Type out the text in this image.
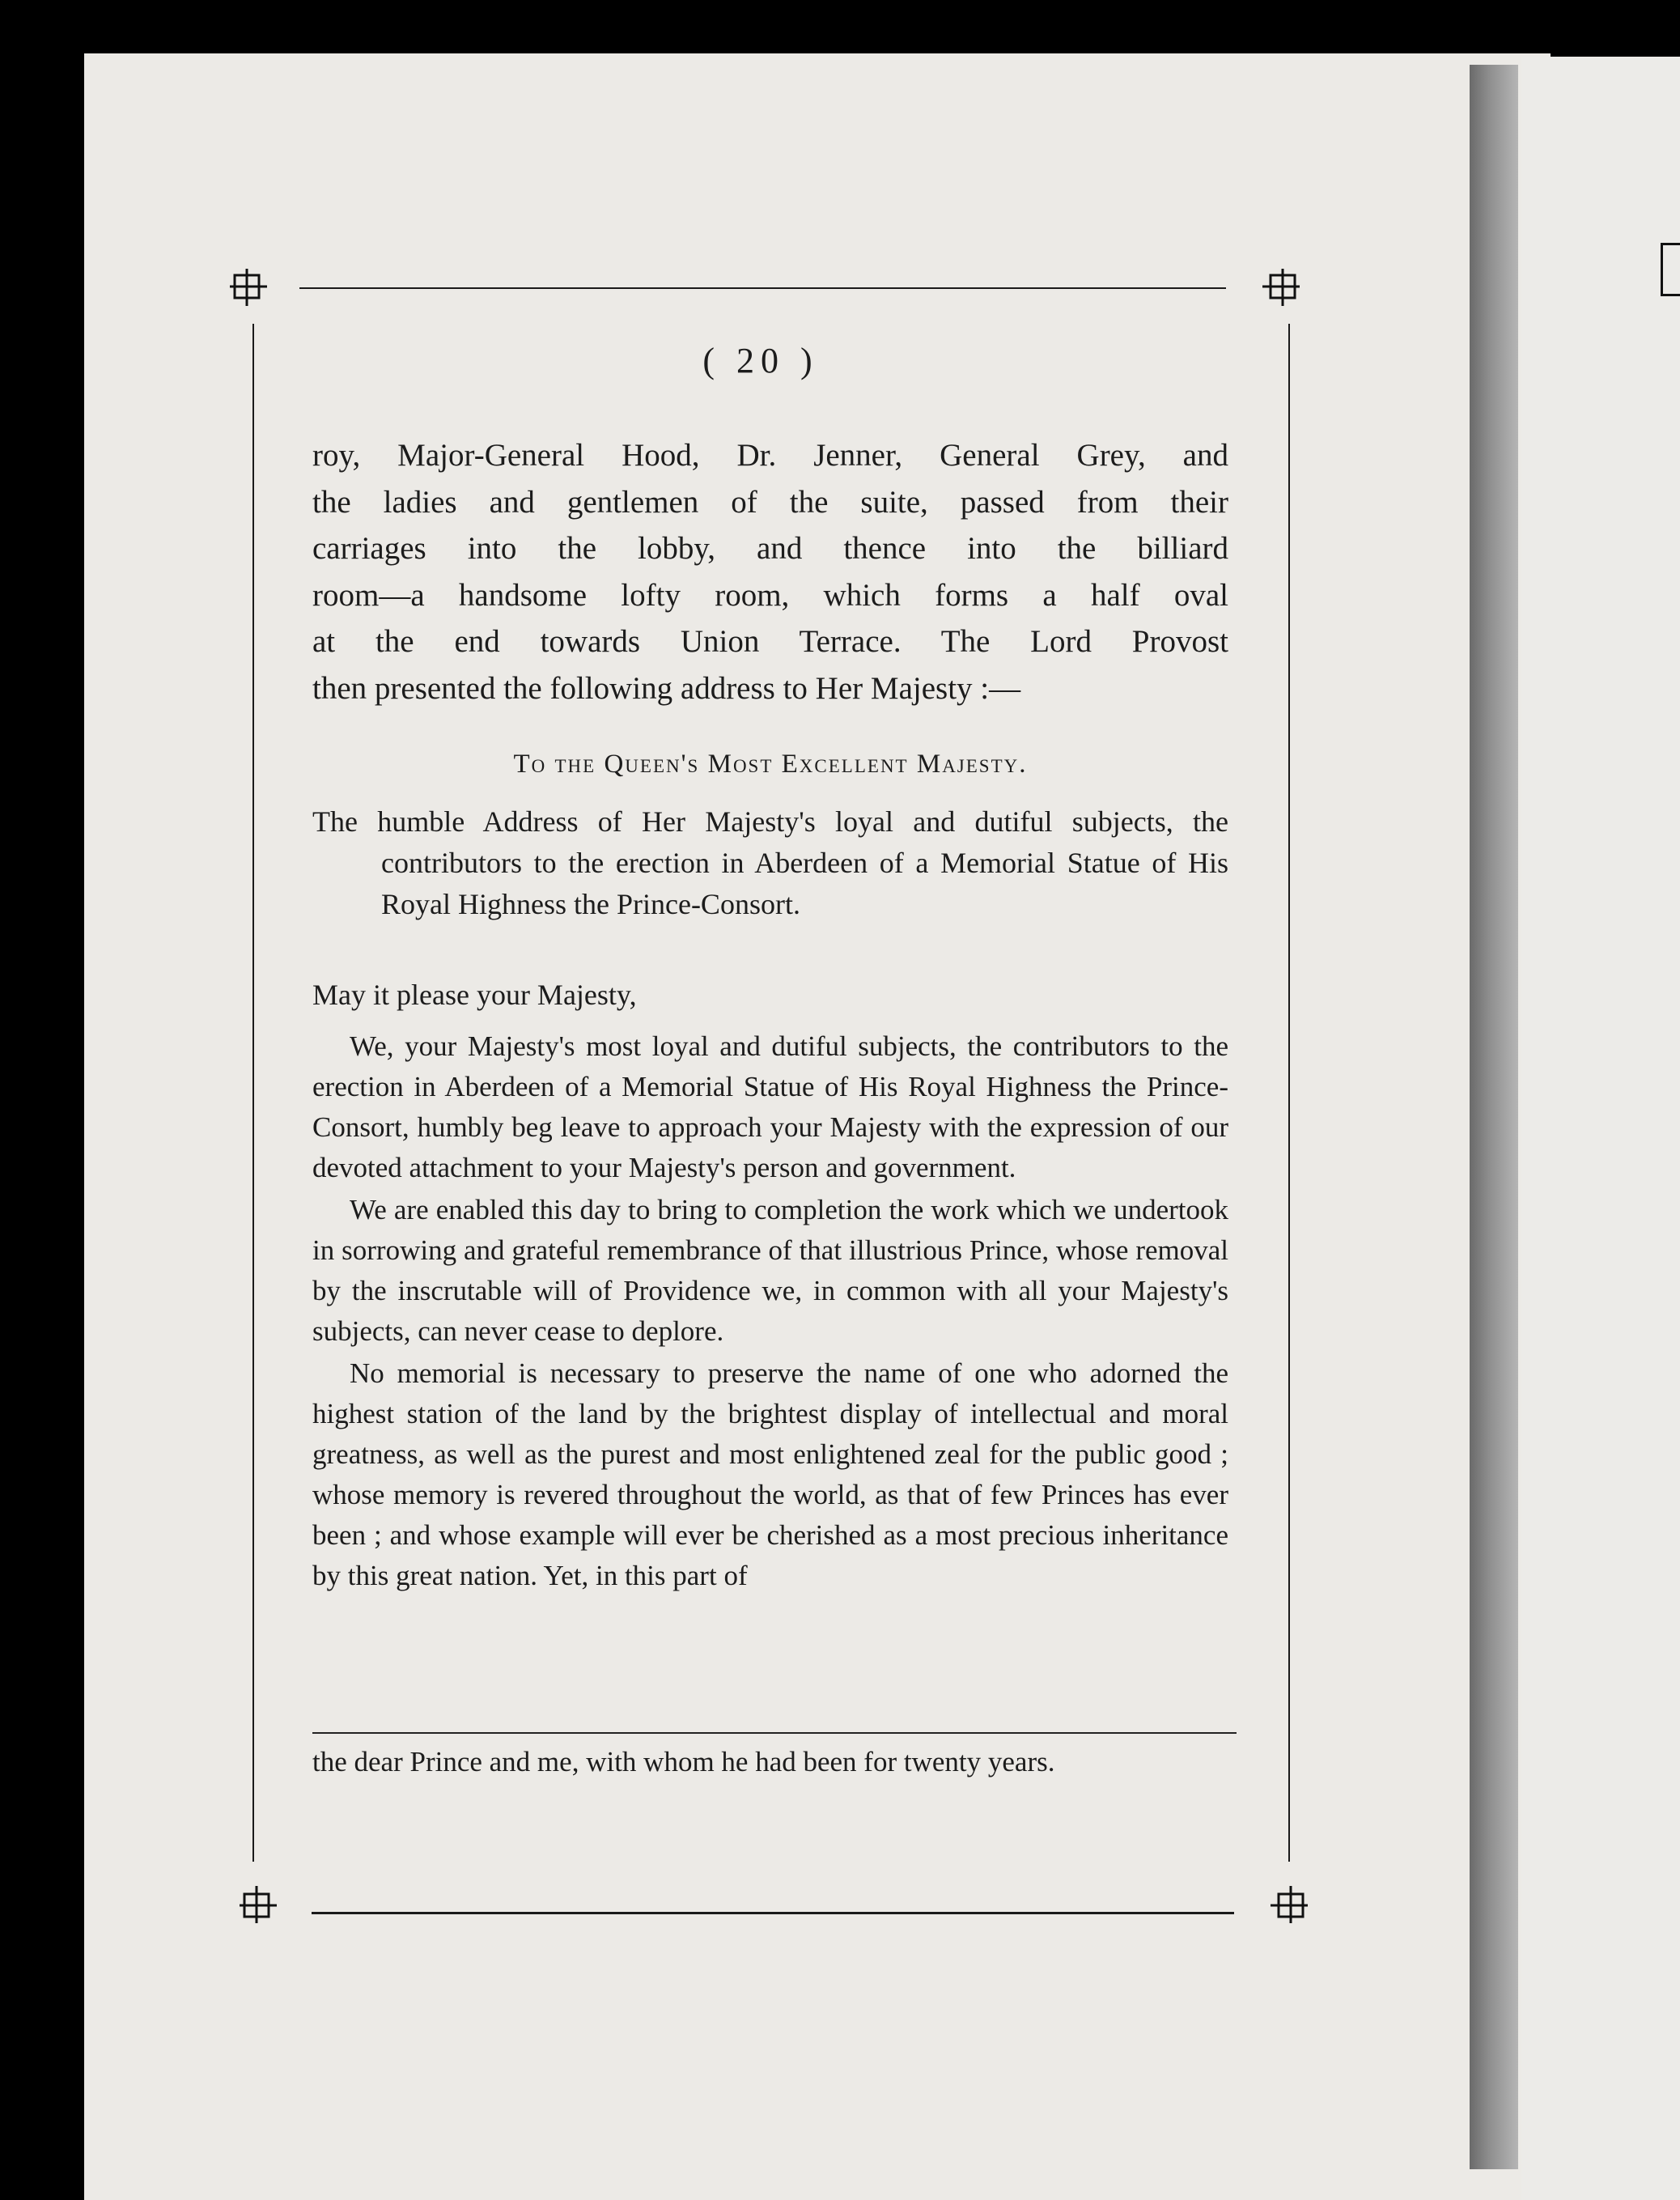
( 20 )

roy, Major-General Hood, Dr. Jenner, General Grey, and

the ladies and gentlemen of the suite, passed from their

carriages into the lobby, and thence into the billiard

room—a handsome lofty room, which forms a half oval

at the end towards Union Terrace. The Lord Provost

then presented the following address to Her Majesty :—

To the Queen's Most Excellent Majesty.
The humble Address of Her Majesty's loyal and dutiful subjects, the contributors to the erection in Aberdeen of a Memorial Statue of His Royal Highness the Prince-Consort.
May it please your Majesty,

We, your Majesty's most loyal and dutiful subjects, the contributors to the erection in Aberdeen of a Memorial Statue of His Royal Highness the Prince-Consort, humbly beg leave to approach your Majesty with the expression of our devoted attachment to your Majesty's person and government.

We are enabled this day to bring to completion the work which we undertook in sorrowing and grateful remembrance of that illustrious Prince, whose removal by the inscrutable will of Providence we, in common with all your Majesty's subjects, can never cease to deplore.

No memorial is necessary to preserve the name of one who adorned the highest station of the land by the brightest display of intellectual and moral greatness, as well as the purest and most enlightened zeal for the public good ; whose memory is revered throughout the world, as that of few Princes has ever been ; and whose example will ever be cherished as a most precious inheritance by this great nation. Yet, in this part of

the dear Prince and me, with whom he had been for twenty years.
